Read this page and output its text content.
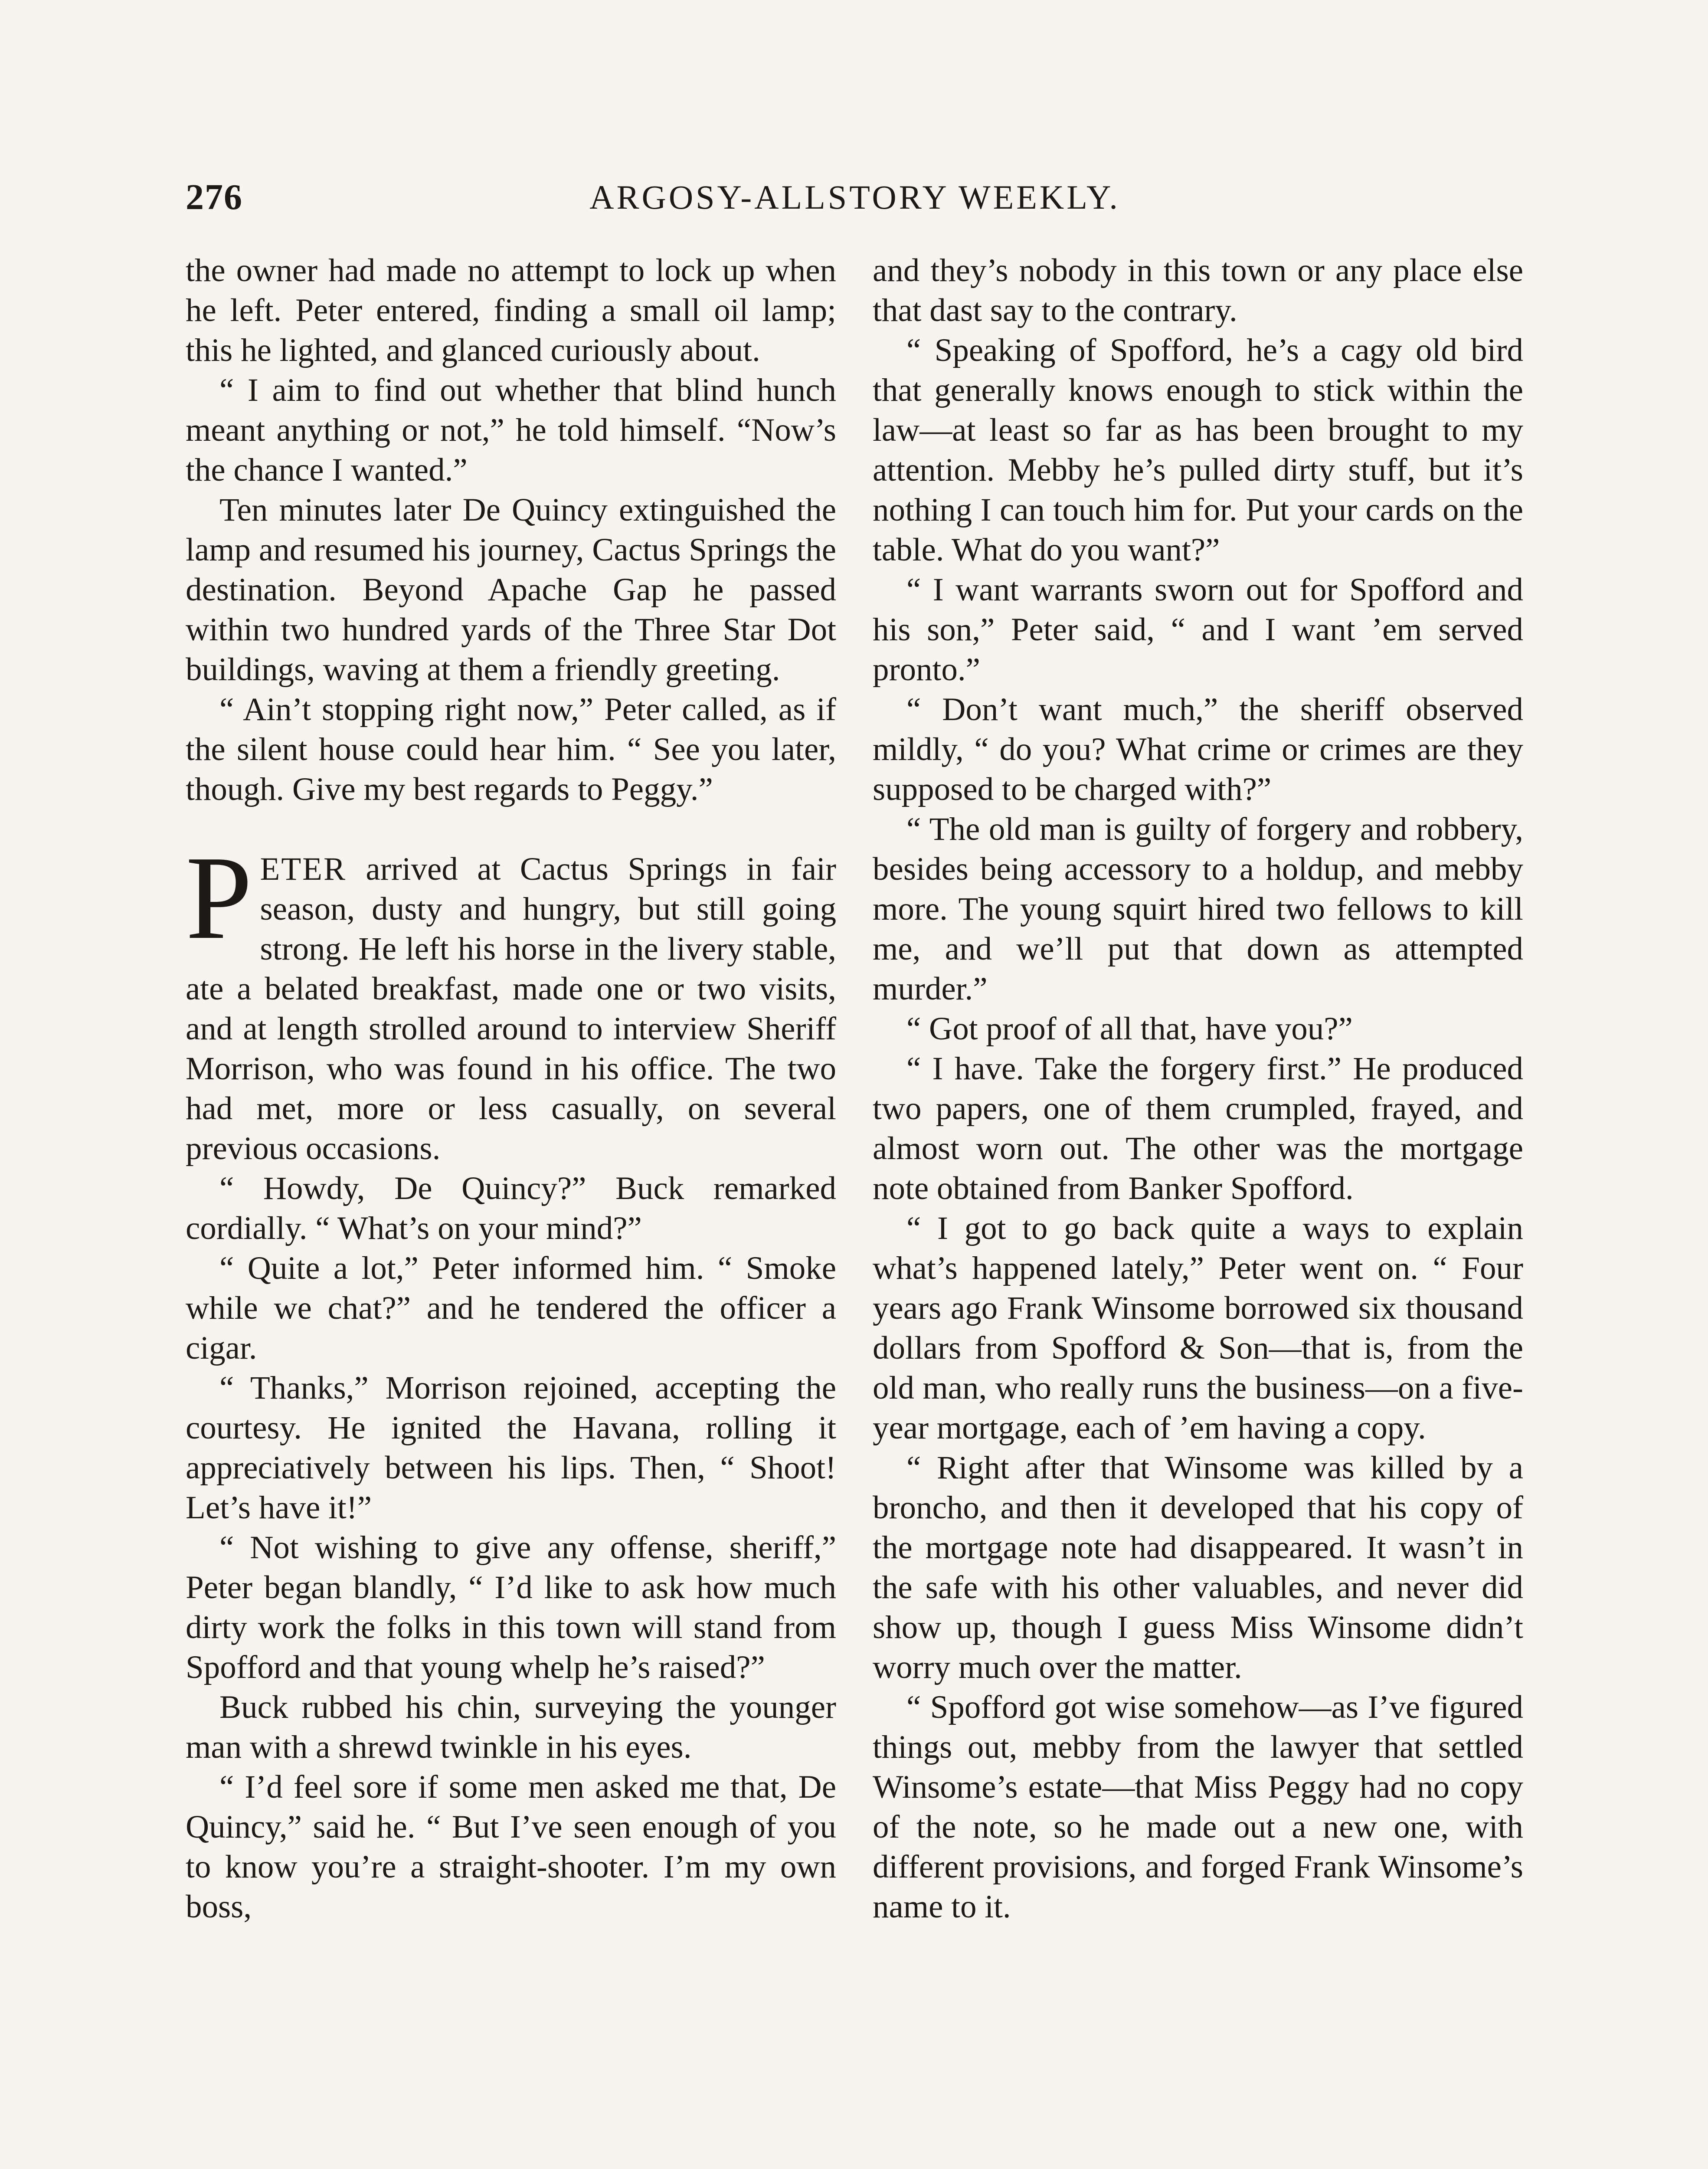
276	ARGOSY-ALLSTORY WEEKLY.

the owner had made no attempt to lock up when he left. Peter entered, finding a small oil lamp; this he lighted, and glanced curiously about.

“ I aim to find out whether that blind hunch meant anything or not,” he told himself. “Now’s the chance I wanted.”

Ten minutes later De Quincy extinguished the lamp and resumed his journey, Cactus Springs the destination. Beyond Apache Gap he passed within two hundred yards of the Three Star Dot buildings, waving at them a friendly greeting.

“ Ain’t stopping right now,” Peter called, as if the silent house could hear him. “ See you later, though. Give my best regards to Peggy.”

PETER arrived at Cactus Springs in fair season, dusty and hungry, but still going strong. He left his horse in the livery stable, ate a belated breakfast, made one or two visits, and at length strolled around to interview Sheriff Morrison, who was found in his office. The two had met, more or less casually, on several previous occasions.

“ Howdy, De Quincy?” Buck remarked cordially. “ What’s on your mind?”

“ Quite a lot,” Peter informed him. “ Smoke while we chat?” and he tendered the officer a cigar.

“ Thanks,” Morrison rejoined, accepting the courtesy. He ignited the Havana, rolling it appreciatively between his lips. Then, “ Shoot! Let’s have it!”

“ Not wishing to give any offense, sheriff,” Peter began blandly, “ I’d like to ask how much dirty work the folks in this town will stand from Spofford and that young whelp he’s raised?”

Buck rubbed his chin, surveying the younger man with a shrewd twinkle in his eyes.

“ I’d feel sore if some men asked me that, De Quincy,” said he. “ But I’ve seen enough of you to know you’re a straight-shooter. I’m my own boss,

and they’s nobody in this town or any place else that dast say to the contrary.

“ Speaking of Spofford, he’s a cagy old bird that generally knows enough to stick within the law—at least so far as has been brought to my attention. Mebby he’s pulled dirty stuff, but it’s nothing I can touch him for. Put your cards on the table. What do you want?”

“ I want warrants sworn out for Spofford and his son,” Peter said, “ and I want ’em served pronto.”

“ Don’t want much,” the sheriff observed mildly, “ do you? What crime or crimes are they supposed to be charged with?”

“ The old man is guilty of forgery and robbery, besides being accessory to a holdup, and mebby more. The young squirt hired two fellows to kill me, and we’ll put that down as attempted murder.”

“ Got proof of all that, have you?”

“ I have. Take the forgery first.” He produced two papers, one of them crumpled, frayed, and almost worn out. The other was the mortgage note obtained from Banker Spofford.

“ I got to go back quite a ways to explain what’s happened lately,” Peter went on. “ Four years ago Frank Winsome borrowed six thousand dollars from Spofford & Son—that is, from the old man, who really runs the business—on a five-year mortgage, each of ’em having a copy.

“ Right after that Winsome was killed by a broncho, and then it developed that his copy of the mortgage note had disappeared. It wasn’t in the safe with his other valuables, and never did show up, though I guess Miss Winsome didn’t worry much over the matter.

“ Spofford got wise somehow—as I’ve figured things out, mebby from the lawyer that settled Winsome’s estate—that Miss Peggy had no copy of the note, so he made out a new one, with different provisions, and forged Frank Winsome’s name to it.
